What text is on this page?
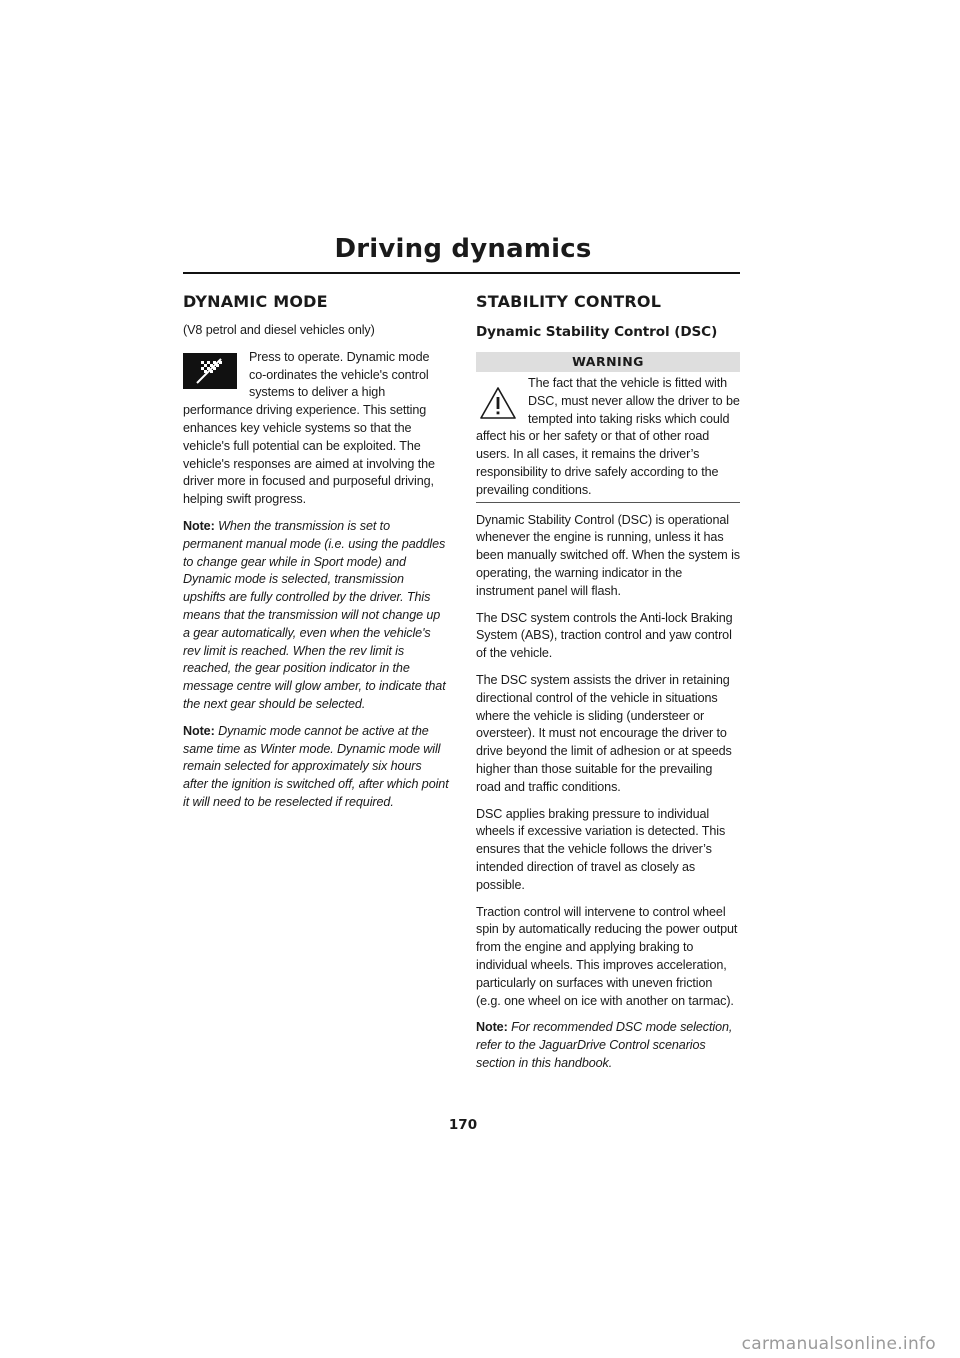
Driving dynamics
DYNAMIC MODE

(V8 petrol and diesel vehicles only)

Press to operate. Dynamic mode co-ordinates the vehicle's control systems to deliver a high performance driving experience. This setting enhances key vehicle systems so that the vehicle's full potential can be exploited. The vehicle's responses are aimed at involving the driver more in focused and purposeful driving, helping swift progress.

Note: When the transmission is set to permanent manual mode (i.e. using the paddles to change gear while in Sport mode) and Dynamic mode is selected, transmission upshifts are fully controlled by the driver. This means that the transmission will not change up a gear automatically, even when the vehicle's rev limit is reached. When the rev limit is reached, the gear position indicator in the message centre will glow amber, to indicate that the next gear should be selected.

Note: Dynamic mode cannot be active at the same time as Winter mode. Dynamic mode will remain selected for approximately six hours after the ignition is switched off, after which point it will need to be reselected if required.

STABILITY CONTROL
Dynamic Stability Control (DSC)
WARNING

The fact that the vehicle is fitted with DSC, must never allow the driver to be tempted into taking risks which could affect his or her safety or that of other road users. In all cases, it remains the driver’s responsibility to drive safely according to the prevailing conditions.

Dynamic Stability Control (DSC) is operational whenever the engine is running, unless it has been manually switched off. When the system is operating, the warning indicator in the instrument panel will flash.

The DSC system controls the Anti-lock Braking System (ABS), traction control and yaw control of the vehicle.

The DSC system assists the driver in retaining directional control of the vehicle in situations where the vehicle is sliding (understeer or oversteer). It must not encourage the driver to drive beyond the limit of adhesion or at speeds higher than those suitable for the prevailing road and traffic conditions.

DSC applies braking pressure to individual wheels if excessive variation is detected. This ensures that the vehicle follows the driver’s intended direction of travel as closely as possible.

Traction control will intervene to control wheel spin by automatically reducing the power output from the engine and applying braking to individual wheels. This improves acceleration, particularly on surfaces with uneven friction (e.g. one wheel on ice with another on tarmac).

Note: For recommended DSC mode selection, refer to the JaguarDrive Control scenarios section in this handbook.

170
carmanualsonline.info
